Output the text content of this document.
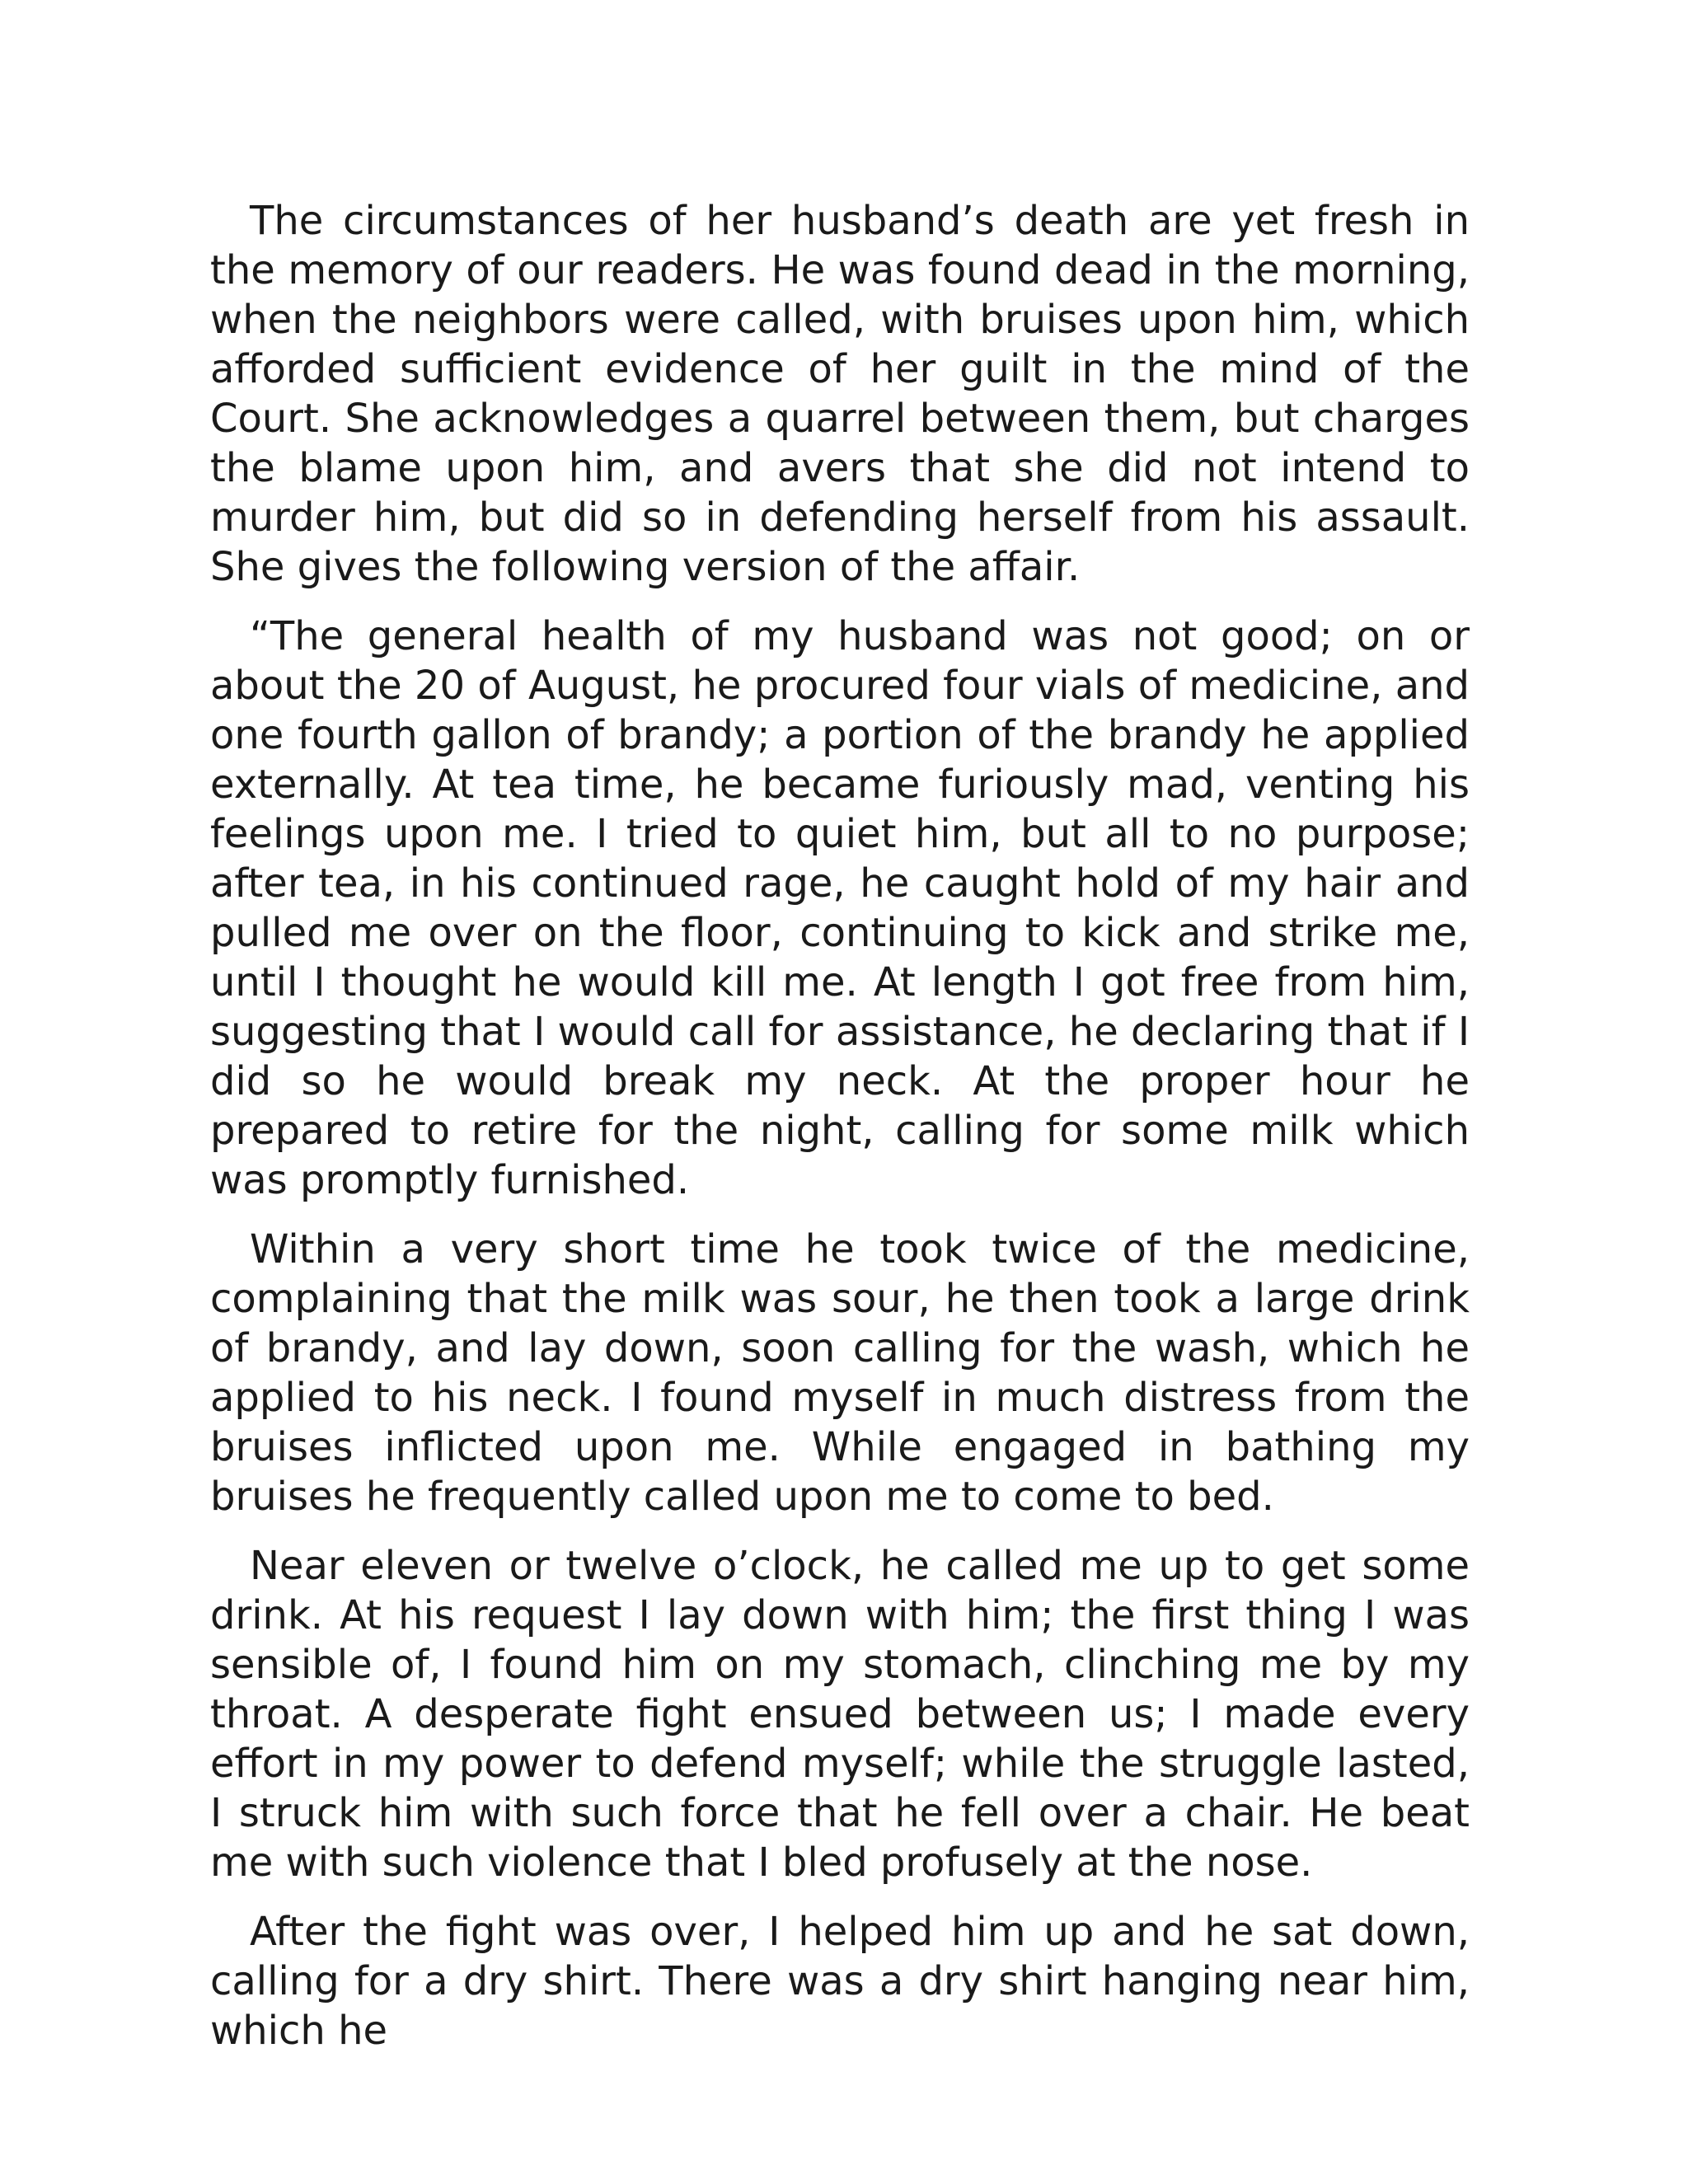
The circumstances of her husband’s death are yet fresh in the memory of our readers. He was found dead in the morning, when the neighbors were called, with bruises upon him, which afforded sufficient evidence of her guilt in the mind of the Court. She acknowledges a quarrel between them, but charges the blame upon him, and avers that she did not intend to murder him, but did so in defending herself from his assault. She gives the following version of the affair.

“The general health of my husband was not good; on or about the 20 of August, he procured four vials of medicine, and one fourth gallon of brandy; a portion of the brandy he applied externally. At tea time, he became furiously mad, venting his feelings upon me. I tried to quiet him, but all to no purpose; after tea, in his continued rage, he caught hold of my hair and pulled me over on the floor, continuing to kick and strike me, until I thought he would kill me. At length I got free from him, suggesting that I would call for assistance, he declaring that if I did so he would break my neck. At the proper hour he prepared to retire for the night, calling for some milk which was promptly furnished.

Within a very short time he took twice of the medicine, complaining that the milk was sour, he then took a large drink of brandy, and lay down, soon calling for the wash, which he applied to his neck. I found myself in much distress from the bruises inflicted upon me. While engaged in bathing my bruises he frequently called upon me to come to bed.

Near eleven or twelve o’clock, he called me up to get some drink. At his request I lay down with him; the first thing I was sensible of, I found him on my stomach, clinching me by my throat. A desperate fight ensued between us; I made every effort in my power to defend myself; while the struggle lasted, I struck him with such force that he fell over a chair. He beat me with such violence that I bled profusely at the nose.

After the fight was over, I helped him up and he sat down, calling for a dry shirt. There was a dry shirt hanging near him, which he
